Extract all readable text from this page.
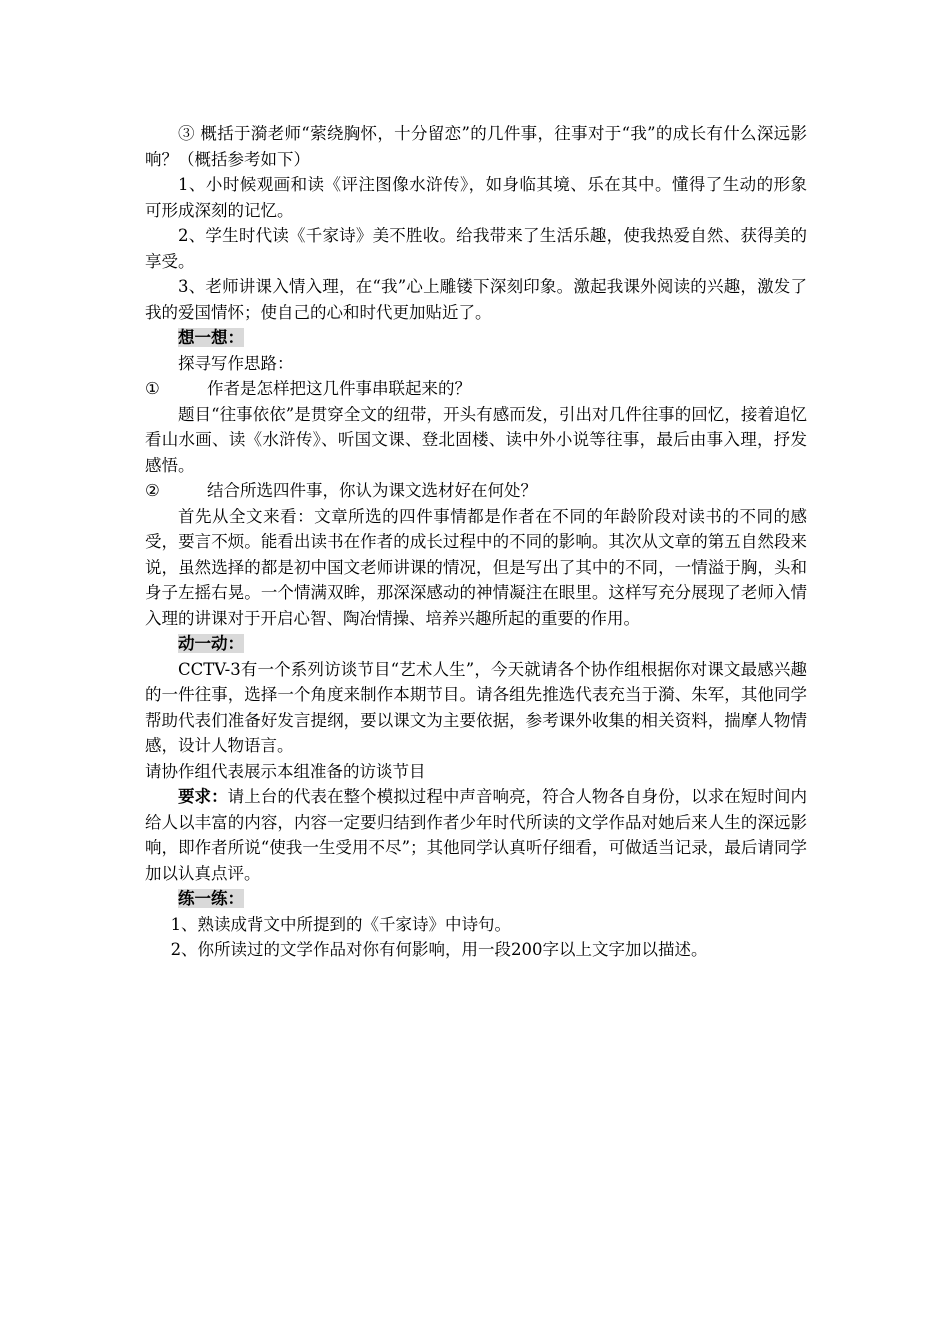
③ 概括于漪老师“萦绕胸怀，十分留恋”的几件事，往事对于“我”的成长有什么深远影响？（概括参考如下）

1、小时候观画和读《评注图像水浒传》，如身临其境、乐在其中。懂得了生动的形象可形成深刻的记忆。

2、学生时代读《千家诗》美不胜收。给我带来了生活乐趣，使我热爱自然、获得美的享受。

3、老师讲课入情入理，在“我”心上雕镂下深刻印象。激起我课外阅读的兴趣，激发了我的爱国情怀；使自己的心和时代更加贴近了。

想一想：

探寻写作思路：

①	作者是怎样把这几件事串联起来的？

题目“往事依依”是贯穿全文的纽带，开头有感而发，引出对几件往事的回忆，接着追忆看山水画、读《水浒传》、听国文课、登北固楼、读中外小说等往事，最后由事入理，抒发感悟。

②	结合所选四件事，你认为课文选材好在何处？

首先从全文来看：文章所选的四件事情都是作者在不同的年龄阶段对读书的不同的感受，要言不烦。能看出读书在作者的成长过程中的不同的影响。其次从文章的第五自然段来说，虽然选择的都是初中国文老师讲课的情况，但是写出了其中的不同，一情溢于胸，头和身子左摇右晃。一个情满双眸，那深深感动的神情凝注在眼里。这样写充分展现了老师入情入理的讲课对于开启心智、陶冶情操、培养兴趣所起的重要的作用。

动一动：

CCTV-3有一个系列访谈节目“艺术人生”，今天就请各个协作组根据你对课文最感兴趣的一件往事，选择一个角度来制作本期节目。请各组先推选代表充当于漪、朱军，其他同学帮助代表们准备好发言提纲，要以课文为主要依据，参考课外收集的相关资料，揣摩人物情感，设计人物语言。

请协作组代表展示本组准备的访谈节目

要求：请上台的代表在整个模拟过程中声音响亮，符合人物各自身份，以求在短时间内给人以丰富的内容，内容一定要归结到作者少年时代所读的文学作品对她后来人生的深远影响，即作者所说“使我一生受用不尽”；其他同学认真听仔细看，可做适当记录，最后请同学加以认真点评。

练一练：

1、熟读成背文中所提到的《千家诗》中诗句。

2、你所读过的文学作品对你有何影响，用一段200字以上文字加以描述。
